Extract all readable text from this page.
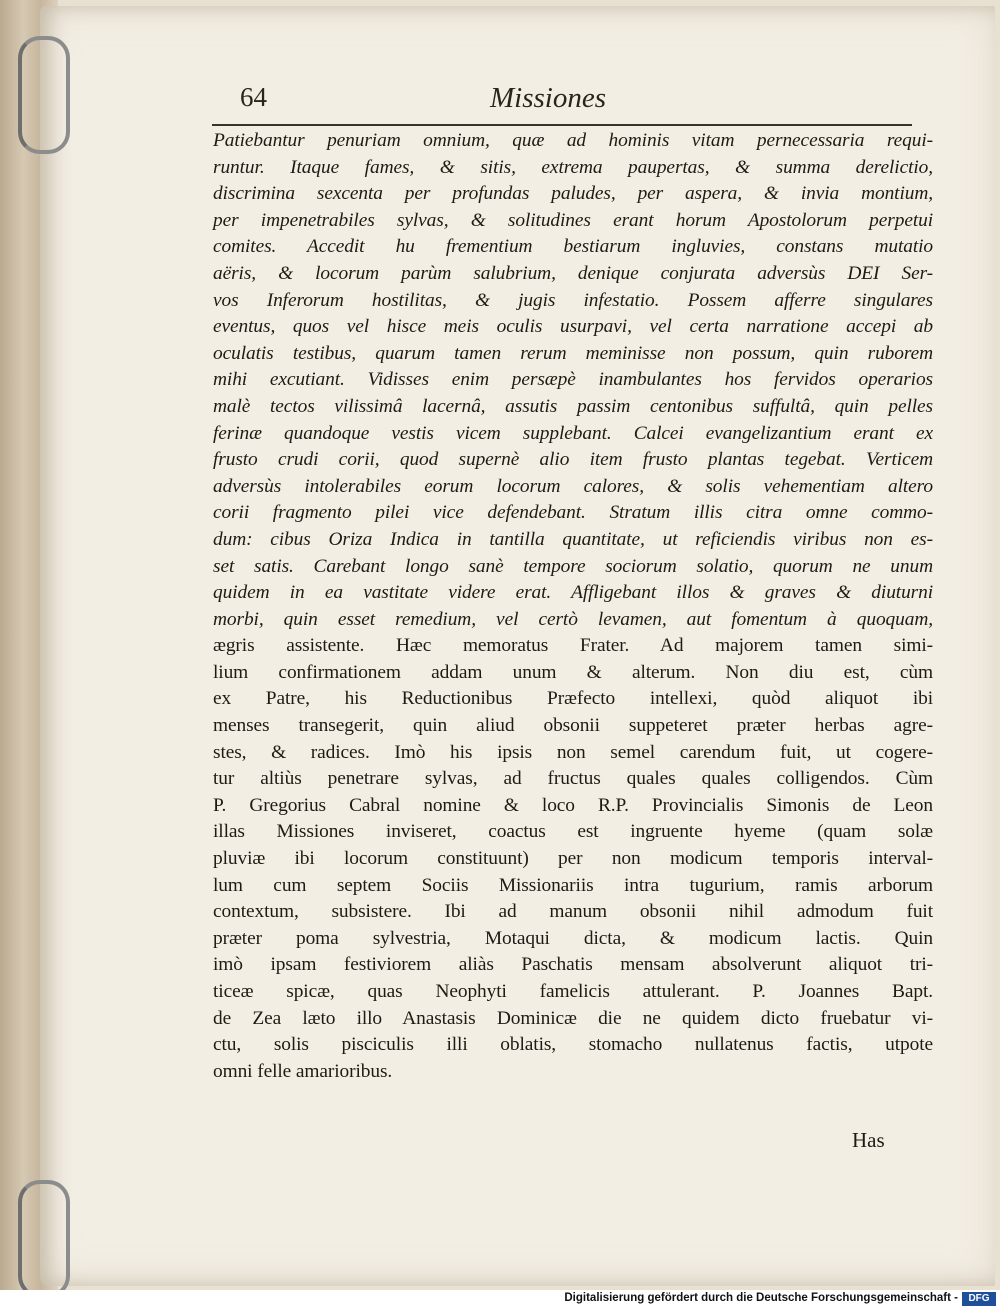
64	Missiones
Patiebantur penuriam omnium, quæ ad hominis vitam pernecessaria requi-
runtur. Itaque fames, & sitis, extrema paupertas, & summa derelictio,
discrimina sexcenta per profundas paludes, per aspera, & invia montium,
per impenetrabiles sylvas, & solitudines erant horum Apostolorum perpetui
comites. Accedit hu frementium bestiarum ingluvies, constans mutatio
aëris, & locorum parùm salubrium, denique conjurata adversùs DEI Ser-
vos Inferorum hostilitas, & jugis infestatio. Possem afferre singulares
eventus, quos vel hisce meis oculis usurpavi, vel certa narratione accepi ab
oculatis testibus, quarum tamen rerum meminisse non possum, quin ruborem
mihi excutiant. Vidisses enim persæpè inambulantes hos fervidos operarios
malè tectos vilissimâ lacernâ, assutis passim centonibus suffultâ, quin pelles
ferinæ quandoque vestis vicem supplebant. Calcei evangelizantium erant ex
frusto crudi corii, quod supernè alio item frusto plantas tegebat. Verticem
adversùs intolerabiles eorum locorum calores, & solis vehementiam altero
corii fragmento pilei vice defendebant. Stratum illis citra omne commo-
dum: cibus Oriza Indica in tantilla quantitate, ut reficiendis viribus non es-
set satis. Carebant longo sanè tempore sociorum solatio, quorum ne unum
quidem in ea vastitate videre erat. Affligebant illos & graves & diuturni
morbi, quin esset remedium, vel certò levamen, aut fomentum à quoquam,
ægris assistente. Hæc memoratus Frater. Ad majorem tamen simi-
lium confirmationem addam unum & alterum. Non diu est, cùm
ex Patre, his Reductionibus Præfecto intellexi, quòd aliquot ibi
menses transegerit, quin aliud obsonii suppeteret præter herbas agre-
stes, & radices. Imò his ipsis non semel carendum fuit, ut cogere-
tur altiùs penetrare sylvas, ad fructus quales quales colligendos. Cùm
P. Gregorius Cabral nomine & loco R.P. Provincialis Simonis de Leon
illas Missiones inviseret, coactus est ingruente hyeme (quam solæ
pluviæ ibi locorum constituunt) per non modicum temporis interval-
lum cum septem Sociis Missionariis intra tugurium, ramis arborum
contextum, subsistere. Ibi ad manum obsonii nihil admodum fuit
præter poma sylvestria, Motaqui dicta, & modicum lactis. Quin
imò ipsam festiviorem aliàs Paschatis mensam absolverunt aliquot tri-
ticeæ spicæ, quas Neophyti famelicis attulerant. P. Joannes Bapt.
de Zea læto illo Anastasis Dominicæ die ne quidem dicto fruebatur vi-
ctu, solis pisciculis illi oblatis, stomacho nullatenus factis, utpote
omni felle amarioribus.
Has
Digitalisierung gefördert durch die Deutsche Forschungsgemeinschaft -	DFG
